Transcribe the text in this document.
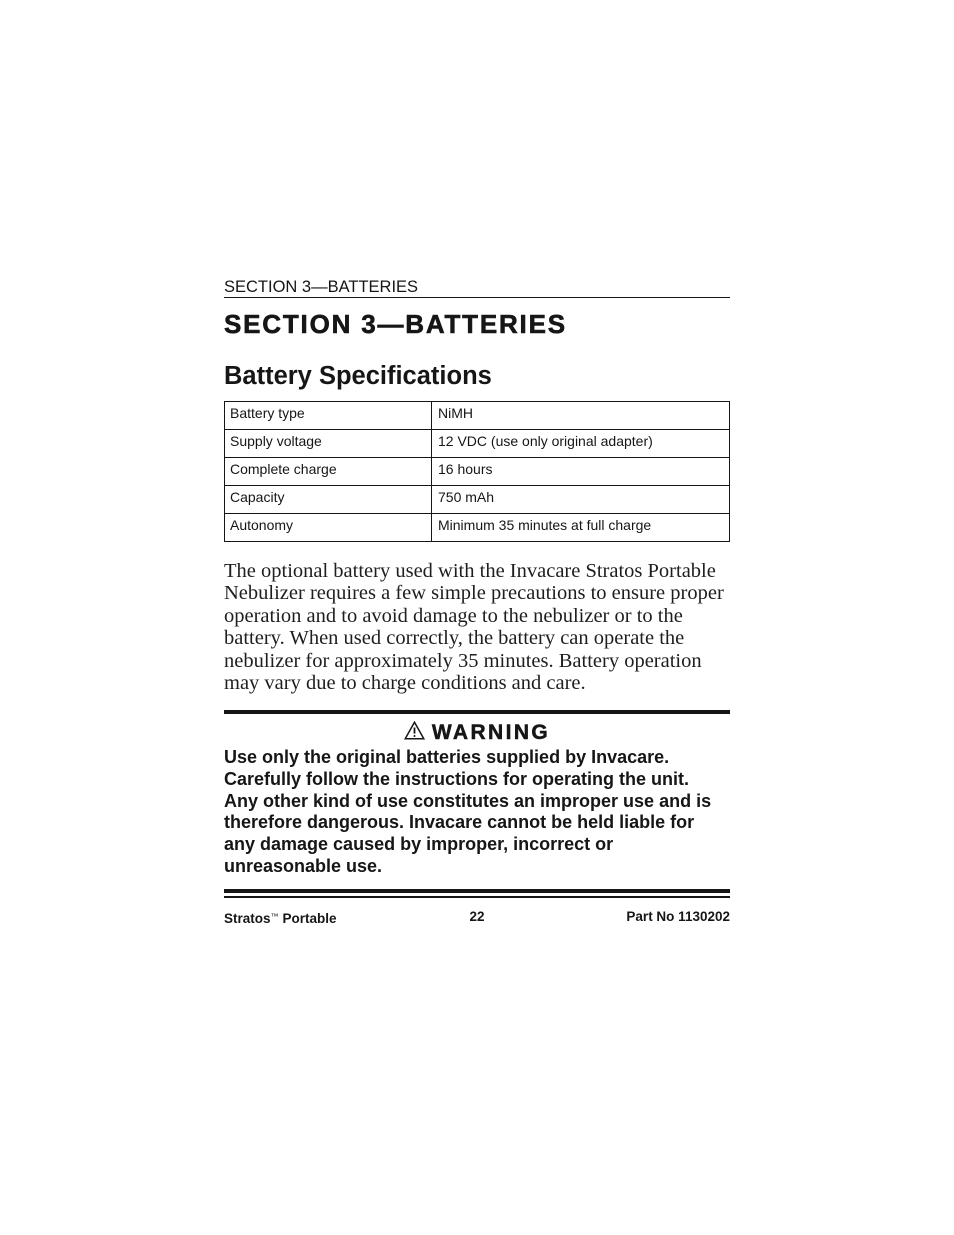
SECTION 3—BATTERIES
SECTION 3—BATTERIES
Battery Specifications
Battery type	NiMH
Supply voltage	12 VDC (use only original adapter)
Complete charge	16 hours
Capacity	750 mAh
Autonomy	Minimum 35 minutes at full charge
The optional battery used with the Invacare Stratos Portable
Nebulizer requires a few simple precautions to ensure proper
operation and to avoid damage to the nebulizer or to the
battery. When used correctly, the battery can operate the
nebulizer for approximately 35 minutes. Battery operation
may vary due to charge conditions and care.
WARNING
Use only the original batteries supplied by Invacare.
Carefully follow the instructions for operating the unit.
Any other kind of use constitutes an improper use and is
therefore dangerous. Invacare cannot be held liable for
any damage caused by improper, incorrect or
unreasonable use.
Stratos™ Portable	22	Part No 1130202
